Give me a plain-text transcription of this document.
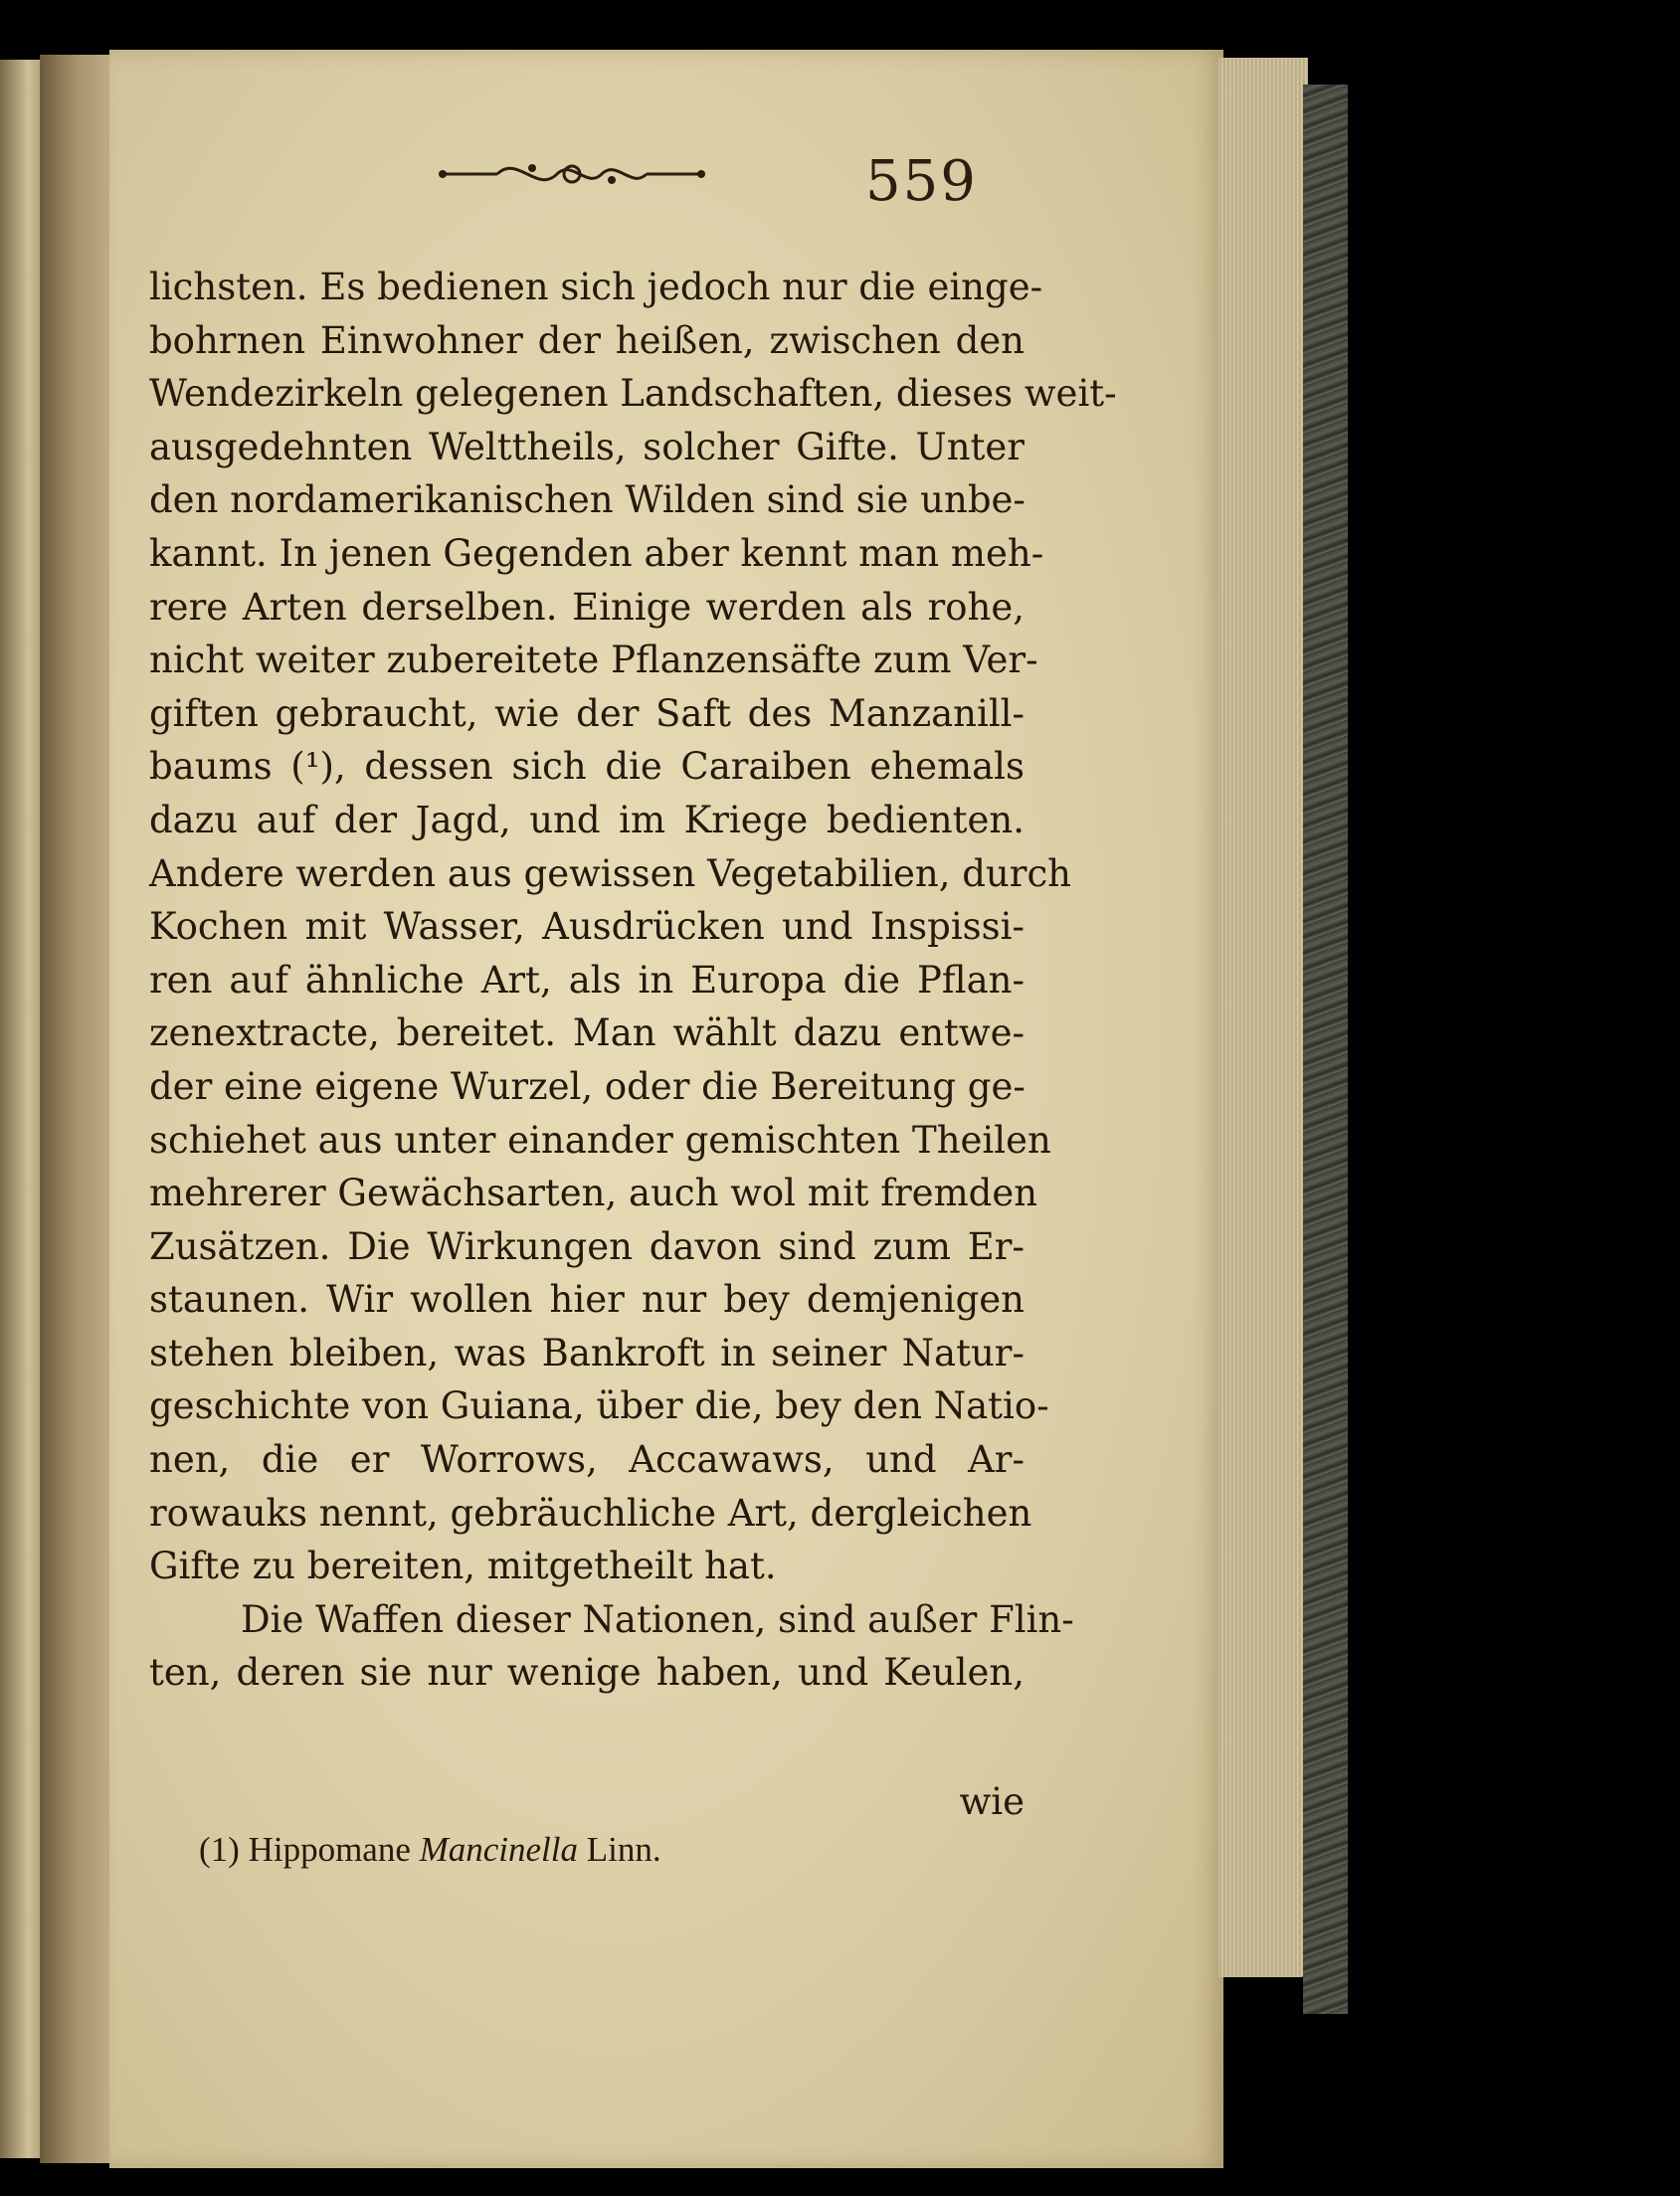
559
lichsten. Es bedienen sich jedoch nur die einge-
bohrnen Einwohner der heißen, zwischen den
Wendezirkeln gelegenen Landschaften, dieses weit-
ausgedehnten Welttheils, solcher Gifte. Unter
den nordamerikanischen Wilden sind sie unbe-
kannt. In jenen Gegenden aber kennt man meh-
rere Arten derselben. Einige werden als rohe,
nicht weiter zubereitete Pflanzensäfte zum Ver-
giften gebraucht, wie der Saft des Manzanill-
baums (¹), dessen sich die Caraiben ehemals
dazu auf der Jagd, und im Kriege bedienten.
Andere werden aus gewissen Vegetabilien, durch
Kochen mit Wasser, Ausdrücken und Inspissi-
ren auf ähnliche Art, als in Europa die Pflan-
zenextracte, bereitet. Man wählt dazu entwe-
der eine eigene Wurzel, oder die Bereitung ge-
schiehet aus unter einander gemischten Theilen
mehrerer Gewächsarten, auch wol mit fremden
Zusätzen. Die Wirkungen davon sind zum Er-
staunen. Wir wollen hier nur bey demjenigen
stehen bleiben, was Bankroft in seiner Natur-
geschichte von Guiana, über die, bey den Natio-
nen, die er Worrows, Accawaws, und Ar-
rowauks nennt, gebräuchliche Art, dergleichen
Gifte zu bereiten, mitgetheilt hat.
Die Waffen dieser Nationen, sind außer Flin-
ten, deren sie nur wenige haben, und Keulen,
wie
(1) Hippomane Mancinella Linn.
